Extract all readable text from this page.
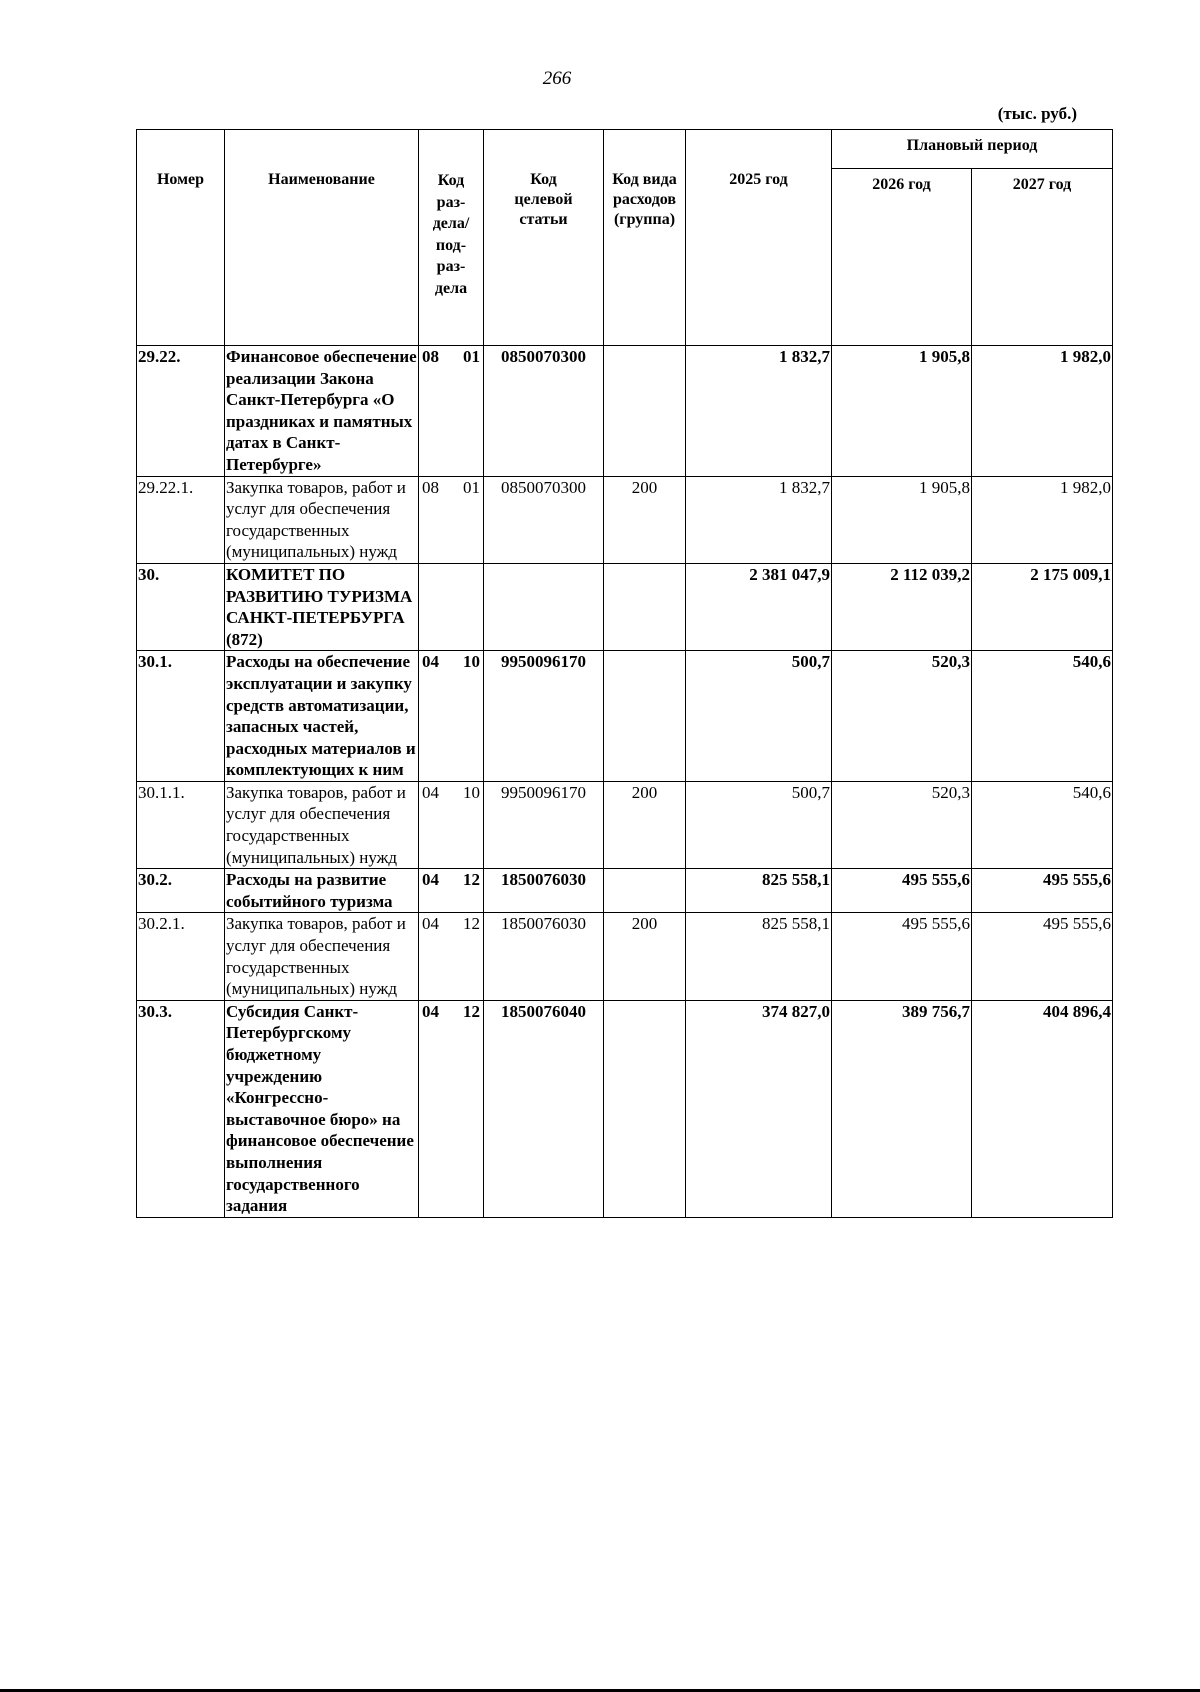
266
(тыс. руб.)
Номер	Наименование	Код раз-дела/ под-раз-дела	Код целевой статьи	Код вида расходов (группа)	2025 год	Плановый период	
						2026 год	2027 год
29.22.	Финансовое обеспечение реализации Закона Санкт-Петербурга «О праздниках и памятных датах в Санкт-Петербурге»	08 01	0850070300		1 832,7	1 905,8	1 982,0
29.22.1.	Закупка товаров, работ и услуг для обеспечения государственных (муниципальных) нужд	08 01	0850070300	200	1 832,7	1 905,8	1 982,0
30.	КОМИТЕТ ПО РАЗВИТИЮ ТУРИЗМА САНКТ-ПЕТЕРБУРГА (872)				2 381 047,9	2 112 039,2	2 175 009,1
30.1.	Расходы на обеспечение эксплуатации и закупку средств автоматизации, запасных частей, расходных материалов и комплектующих к ним	04 10	9950096170		500,7	520,3	540,6
30.1.1.	Закупка товаров, работ и услуг для обеспечения государственных (муниципальных) нужд	04 10	9950096170	200	500,7	520,3	540,6
30.2.	Расходы на развитие событийного туризма	04 12	1850076030		825 558,1	495 555,6	495 555,6
30.2.1.	Закупка товаров, работ и услуг для обеспечения государственных (муниципальных) нужд	04 12	1850076030	200	825 558,1	495 555,6	495 555,6
30.3.	Субсидия Санкт-Петербургскому бюджетному учреждению «Конгрессно-выставочное бюро» на финансовое обеспечение выполнения государственного задания	04 12	1850076040		374 827,0	389 756,7	404 896,4
